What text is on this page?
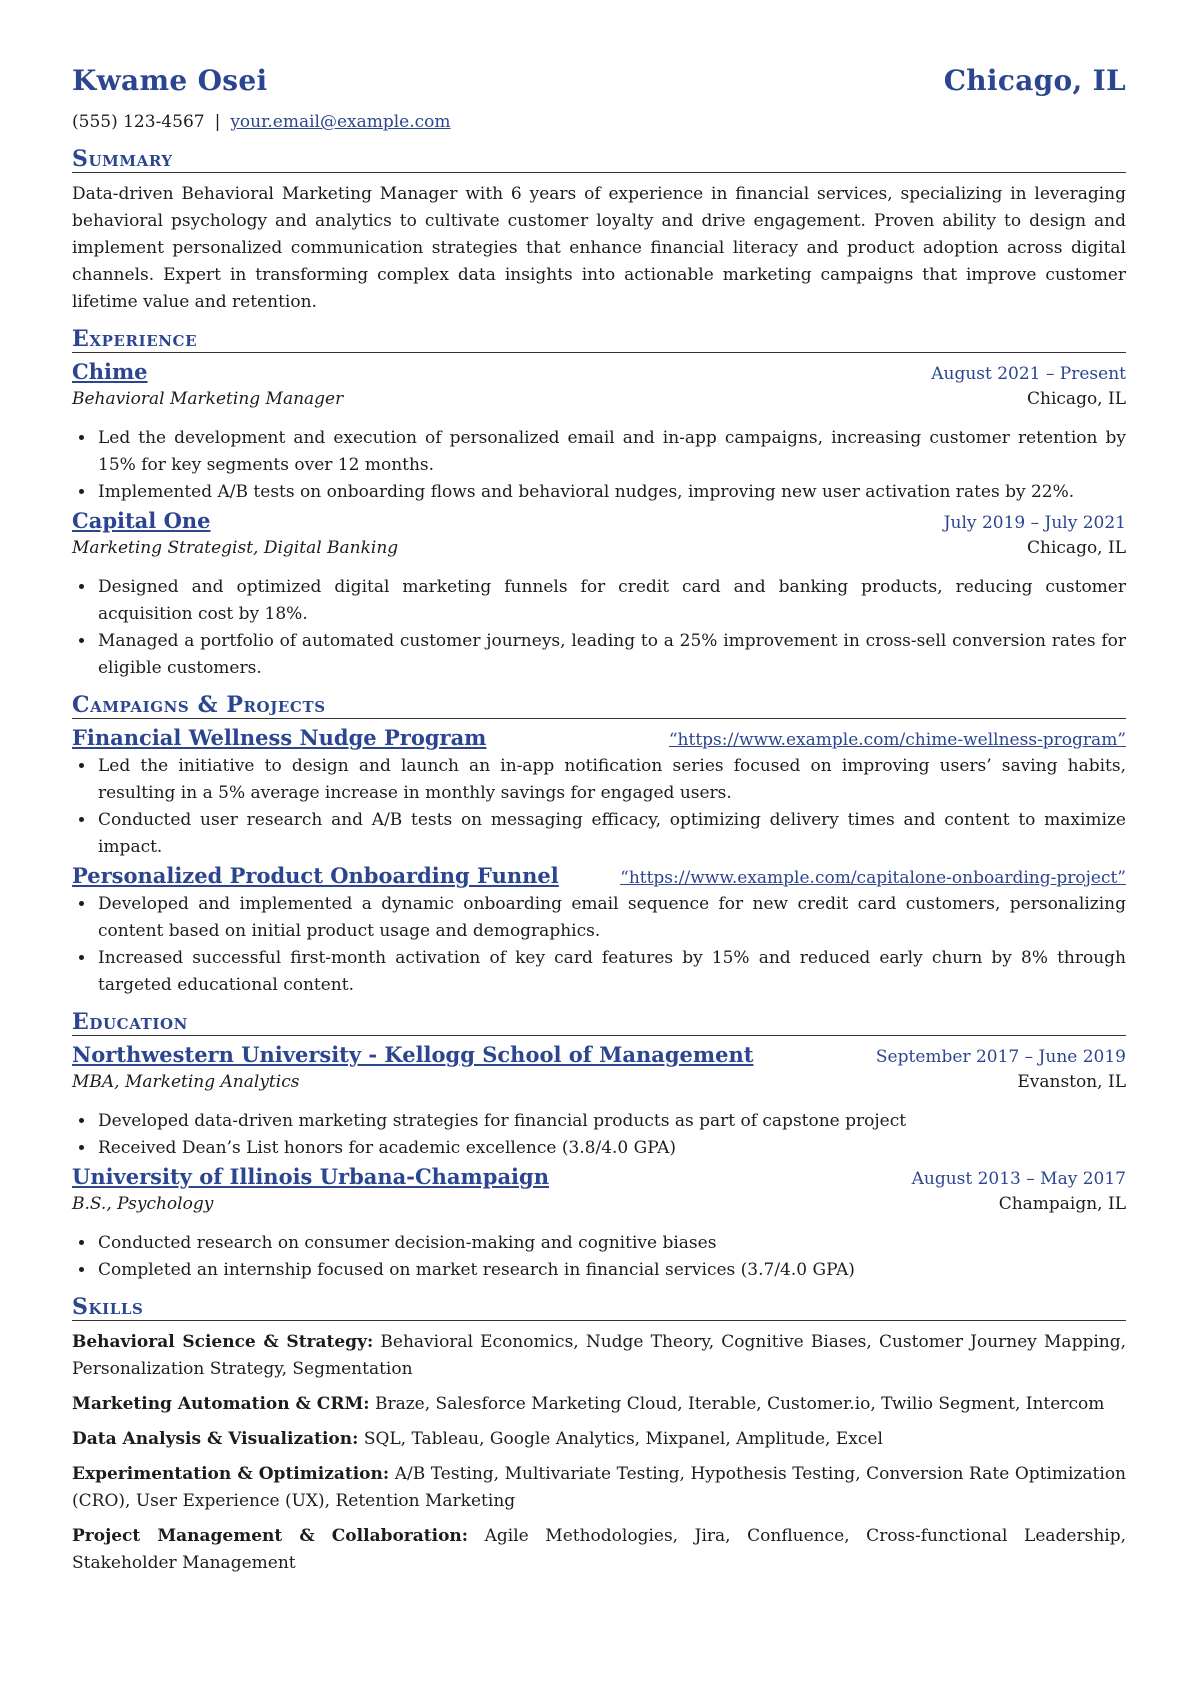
Kwame Osei	Chicago, IL
(555) 123-4567 | your.email@example.com
Summary
Data-driven Behavioral Marketing Manager with 6 years of experience in financial services, specializing in leveraging behavioral psychology and analytics to cultivate customer loyalty and drive engagement. Proven ability to design and implement personalized communication strategies that enhance financial literacy and product adoption across digital channels. Expert in transforming complex data insights into actionable marketing campaigns that improve customer lifetime value and retention.
Experience
Chime	August 2021 – Present
Behavioral Marketing Manager	Chicago, IL
• Led the development and execution of personalized email and in-app campaigns, increasing customer retention by 15% for key segments over 12 months.
• Implemented A/B tests on onboarding flows and behavioral nudges, improving new user activation rates by 22%.
Capital One	July 2019 – July 2021
Marketing Strategist, Digital Banking	Chicago, IL
• Designed and optimized digital marketing funnels for credit card and banking products, reducing customer acquisition cost by 18%.
• Managed a portfolio of automated customer journeys, leading to a 25% improvement in cross-sell conversion rates for eligible customers.
Campaigns & Projects
Financial Wellness Nudge Program	“https://www.example.com/chime-wellness-program”
• Led the initiative to design and launch an in-app notification series focused on improving users’ saving habits, resulting in a 5% average increase in monthly savings for engaged users.
• Conducted user research and A/B tests on messaging efficacy, optimizing delivery times and content to maximize impact.
Personalized Product Onboarding Funnel	“https://www.example.com/capitalone-onboarding-project”
• Developed and implemented a dynamic onboarding email sequence for new credit card customers, personalizing content based on initial product usage and demographics.
• Increased successful first-month activation of key card features by 15% and reduced early churn by 8% through targeted educational content.
Education
Northwestern University - Kellogg School of Management	September 2017 – June 2019
MBA, Marketing Analytics	Evanston, IL
• Developed data-driven marketing strategies for financial products as part of capstone project
• Received Dean’s List honors for academic excellence (3.8/4.0 GPA)
University of Illinois Urbana-Champaign	August 2013 – May 2017
B.S., Psychology	Champaign, IL
• Conducted research on consumer decision-making and cognitive biases
• Completed an internship focused on market research in financial services (3.7/4.0 GPA)
Skills
Behavioral Science & Strategy: Behavioral Economics, Nudge Theory, Cognitive Biases, Customer Journey Mapping, Personalization Strategy, Segmentation
Marketing Automation & CRM: Braze, Salesforce Marketing Cloud, Iterable, Customer.io, Twilio Segment, Intercom
Data Analysis & Visualization: SQL, Tableau, Google Analytics, Mixpanel, Amplitude, Excel
Experimentation & Optimization: A/B Testing, Multivariate Testing, Hypothesis Testing, Conversion Rate Optimization (CRO), User Experience (UX), Retention Marketing
Project Management & Collaboration: Agile Methodologies, Jira, Confluence, Cross-functional Leadership, Stakeholder Management
